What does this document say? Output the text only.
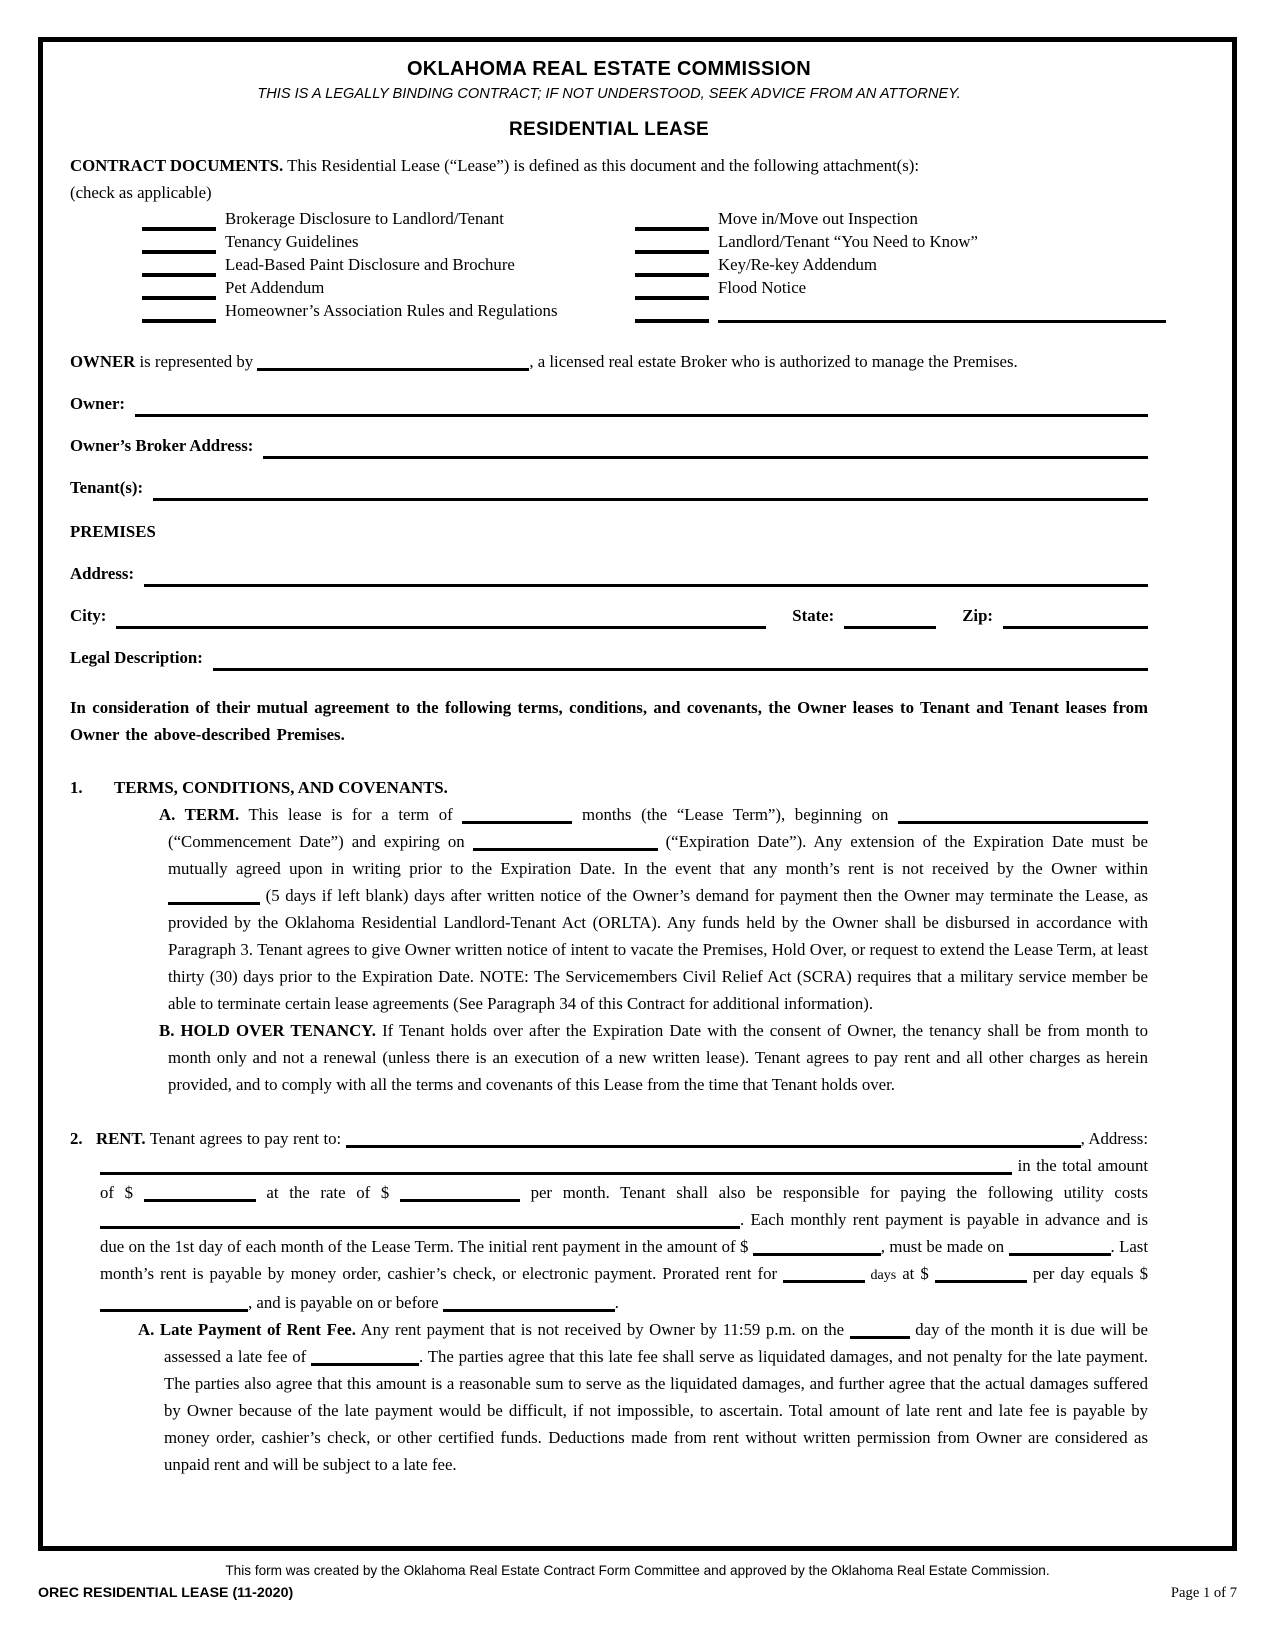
OKLAHOMA REAL ESTATE COMMISSION

THIS IS A LEGALLY BINDING CONTRACT; IF NOT UNDERSTOOD, SEEK ADVICE FROM AN ATTORNEY.

RESIDENTIAL LEASE

CONTRACT DOCUMENTS. This Residential Lease (“Lease”) is defined as this document and the following attachment(s):

(check as applicable)

Brokerage Disclosure to Landlord/Tenant	Move in/Move out Inspection
Tenancy Guidelines	Landlord/Tenant “You Need to Know”
Lead-Based Paint Disclosure and Brochure	Key/Re-key Addendum
Pet Addendum	Flood Notice
Homeowner’s Association Rules and Regulations

OWNER is represented by	, a licensed real estate Broker who is authorized to manage the Premises.

Owner:
Owner’s Broker Address:
Tenant(s):

PREMISES

Address:
City:	State:	Zip:
Legal Description:

In consideration of their mutual agreement to the following terms, conditions, and covenants, the Owner leases to Tenant and Tenant leases from Owner the above-described Premises.

1. TERMS, CONDITIONS, AND COVENANTS.

A. TERM. This lease is for a term of	months (the “Lease Term”), beginning on  (“Commencement Date”) and expiring on	(“Expiration Date”). Any extension of the Expiration Date must be mutually agreed upon in writing prior to the Expiration Date. In the event that any month’s rent is not received by the Owner within  (5 days if left blank) days after written notice of the Owner’s demand for payment then the Owner may terminate the Lease, as provided by the Oklahoma Residential Landlord-Tenant Act (ORLTA). Any funds held by the Owner shall be disbursed in accordance with Paragraph 3. Tenant agrees to give Owner written notice of intent to vacate the Premises, Hold Over, or request to extend the Lease Term, at least thirty (30) days prior to the Expiration Date. NOTE: The Servicemembers Civil Relief Act (SCRA) requires that a military service member be able to terminate certain lease agreements (See Paragraph 34 of this Contract for additional information).

B. HOLD OVER TENANCY. If Tenant holds over after the Expiration Date with the consent of Owner, the tenancy shall be from month to month only and not a renewal (unless there is an execution of a new written lease). Tenant agrees to pay rent and all other charges as herein provided, and to comply with all the terms and covenants of this Lease from the time that Tenant holds over.

2. RENT. Tenant agrees to pay rent to:	, Address:  in the total amount of $	at the rate of $	per month. Tenant shall also be responsible for paying the following utility costs . Each monthly rent payment is payable in advance and is due on the 1st day of each month of the Lease Term. The initial rent payment in the amount of $	, must be made on	. Last month’s rent is payable by money order, cashier’s check, or electronic payment. Prorated rent for	days at $	per day equals $ , and is payable on or before	.

A. Late Payment of Rent Fee. Any rent payment that is not received by Owner by 11:59 p.m. on the	day of the month it is due will be assessed a late fee of	. The parties agree that this late fee shall serve as liquidated damages, and not penalty for the late payment. The parties also agree that this amount is a reasonable sum to serve as the liquidated damages, and further agree that the actual damages suffered by Owner because of the late payment would be difficult, if not impossible, to ascertain. Total amount of late rent and late fee is payable by money order, cashier’s check, or other certified funds. Deductions made from rent without written permission from Owner are considered as unpaid rent and will be subject to a late fee.

This form was created by the Oklahoma Real Estate Contract Form Committee and approved by the Oklahoma Real Estate Commission.

OREC RESIDENTIAL LEASE (11-2020)	Page 1 of 7
